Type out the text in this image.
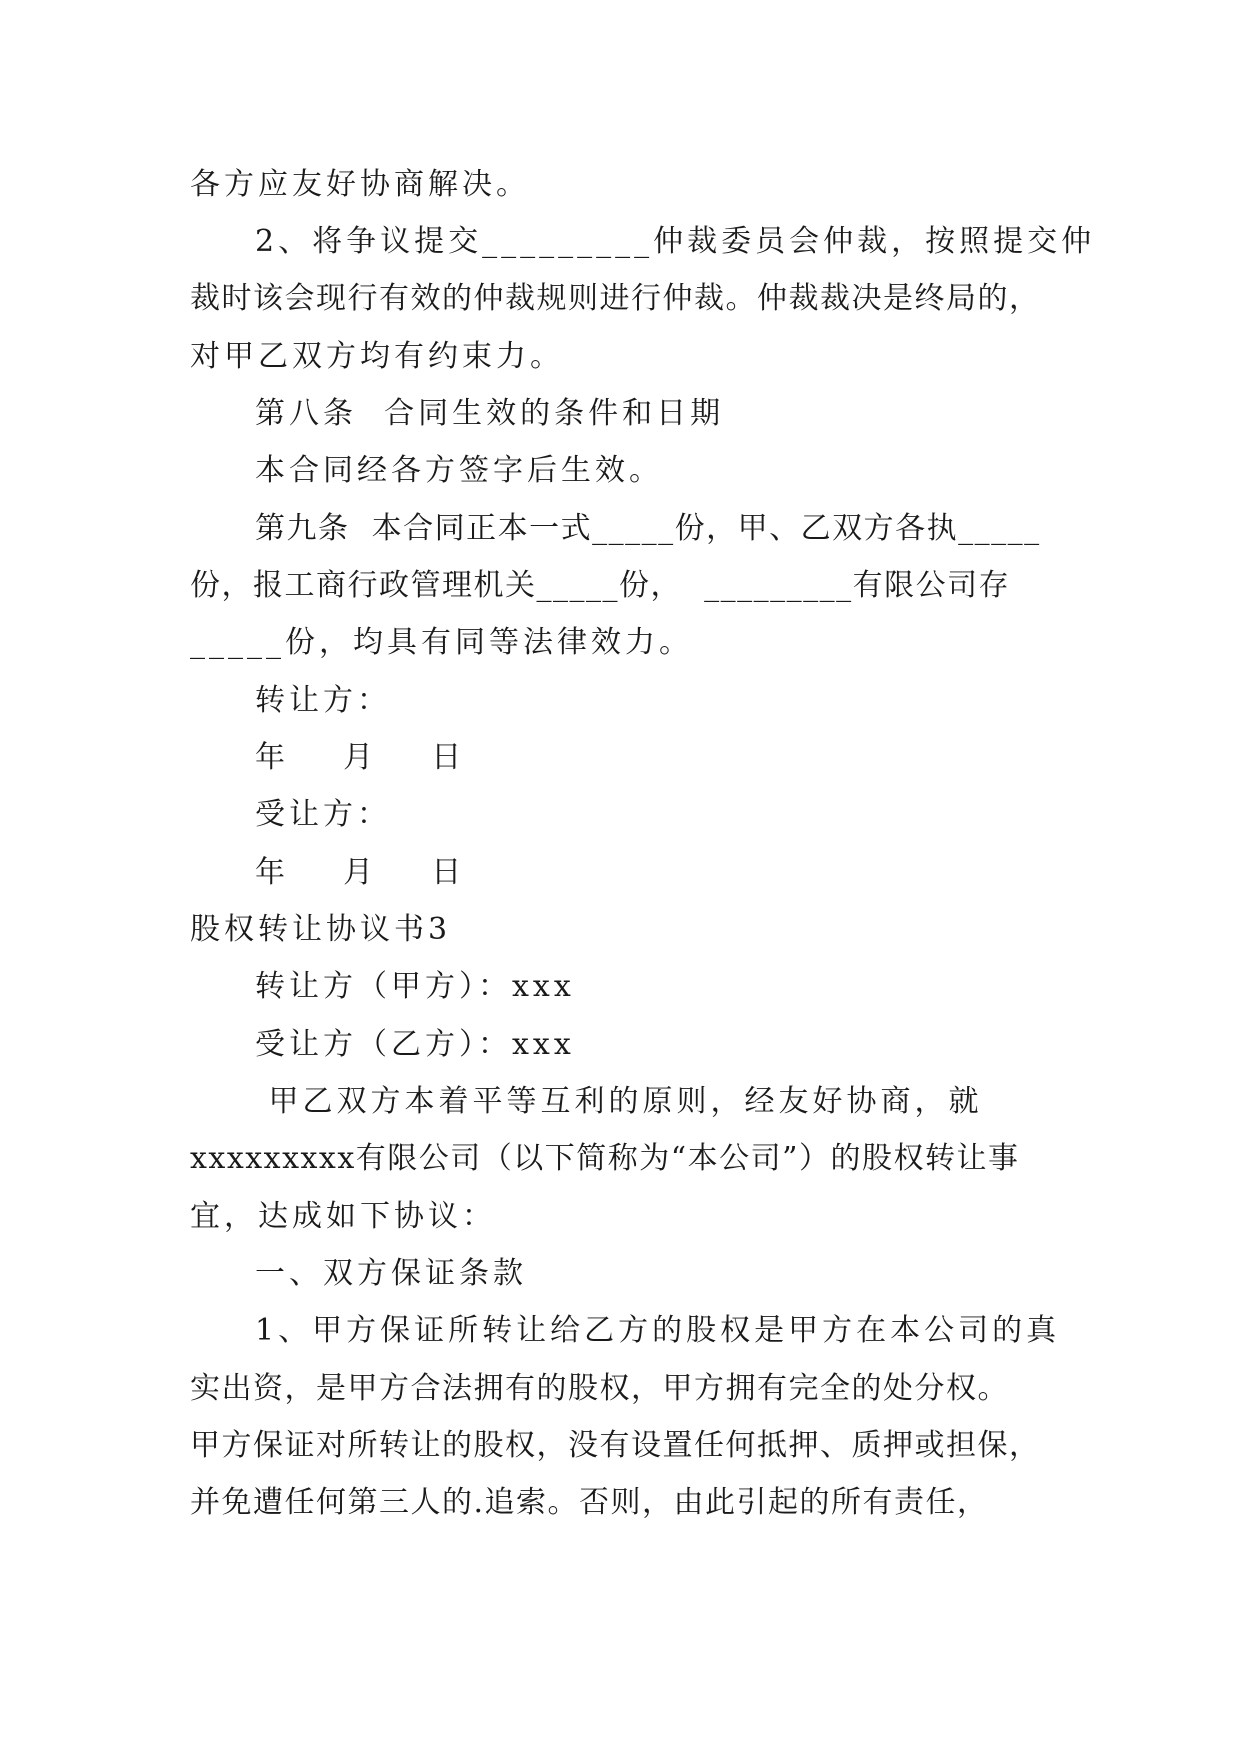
各方应友好协商解决。
2、将争议提交_________仲裁委员会仲裁，按照提交仲
裁时该会现行有效的仲裁规则进行仲裁。仲裁裁决是终局的，
对甲乙双方均有约束力。
第八条  合同生效的条件和日期
本合同经各方签字后生效。
第九条  本合同正本一式_____份，甲、乙双方各执_____
份，报工商行政管理机关_____份，  _________有限公司存
_____份，均具有同等法律效力。
转让方：
年    月    日
受让方：
年    月    日
股权转让协议书3
转让方（甲方）：xxx
受让方（乙方）：xxx
甲乙双方本着平等互利的原则，经友好协商，就
xxxxxxxxx有限公司（以下简称为“本公司”）的股权转让事
宜，达成如下协议：
一、双方保证条款
1、甲方保证所转让给乙方的股权是甲方在本公司的真
实出资，是甲方合法拥有的股权，甲方拥有完全的处分权。
甲方保证对所转让的股权，没有设置任何抵押、质押或担保，
并免遭任何第三人的.追索。否则，由此引起的所有责任，
